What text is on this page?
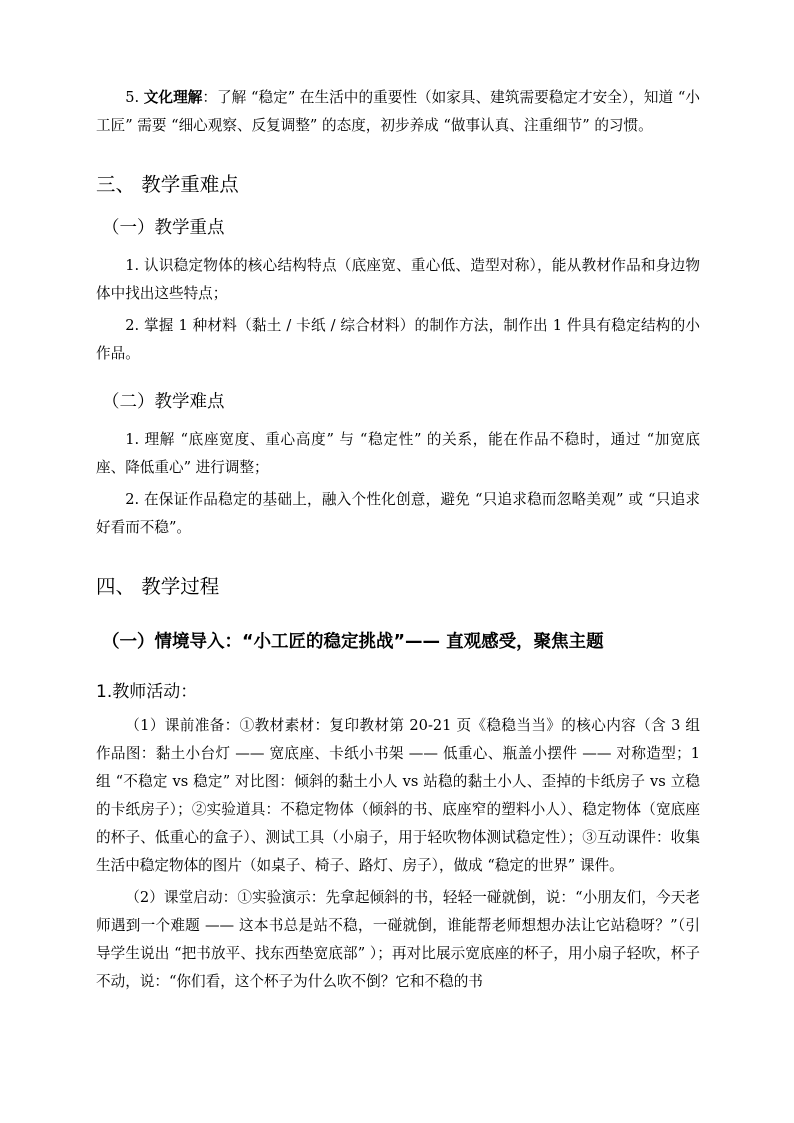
5. 文化理解：了解 “稳定” 在生活中的重要性（如家具、建筑需要稳定才安全），知道 “小工匠” 需要 “细心观察、反复调整” 的态度，初步养成 “做事认真、注重细节” 的习惯。

三、 教学重难点
（一）教学重点

1. 认识稳定物体的核心结构特点（底座宽、重心低、造型对称），能从教材作品和身边物体中找出这些特点；

2. 掌握 1 种材料（黏土 / 卡纸 / 综合材料）的制作方法，制作出 1 件具有稳定结构的小作品。

（二）教学难点

1. 理解 “底座宽度、重心高度” 与 “稳定性” 的关系，能在作品不稳时，通过 “加宽底座、降低重心” 进行调整；

2. 在保证作品稳定的基础上，融入个性化创意，避免 “只追求稳而忽略美观” 或 “只追求好看而不稳”。

四、 教学过程
（一）情境导入：“小工匠的稳定挑战”—— 直观感受，聚焦主题
1.教师活动：

（1）课前准备：①教材素材：复印教材第 20-21 页《稳稳当当》的核心内容（含 3 组作品图：黏土小台灯 —— 宽底座、卡纸小书架 —— 低重心、瓶盖小摆件 —— 对称造型；1 组 “不稳定 vs 稳定” 对比图：倾斜的黏土小人 vs 站稳的黏土小人、歪掉的卡纸房子 vs 立稳的卡纸房子）；②实验道具：不稳定物体（倾斜的书、底座窄的塑料小人）、稳定物体（宽底座的杯子、低重心的盒子）、测试工具（小扇子，用于轻吹物体测试稳定性）；③互动课件：收集生活中稳定物体的图片（如桌子、椅子、路灯、房子），做成 “稳定的世界” 课件。

（2）课堂启动：①实验演示：先拿起倾斜的书，轻轻一碰就倒，说：“小朋友们，今天老师遇到一个难题 —— 这本书总是站不稳，一碰就倒，谁能帮老师想想办法让它站稳呀？”（引导学生说出 “把书放平、找东西垫宽底部” ）；再对比展示宽底座的杯子，用小扇子轻吹，杯子不动，说：“你们看，这个杯子为什么吹不倒？它和不稳的书
